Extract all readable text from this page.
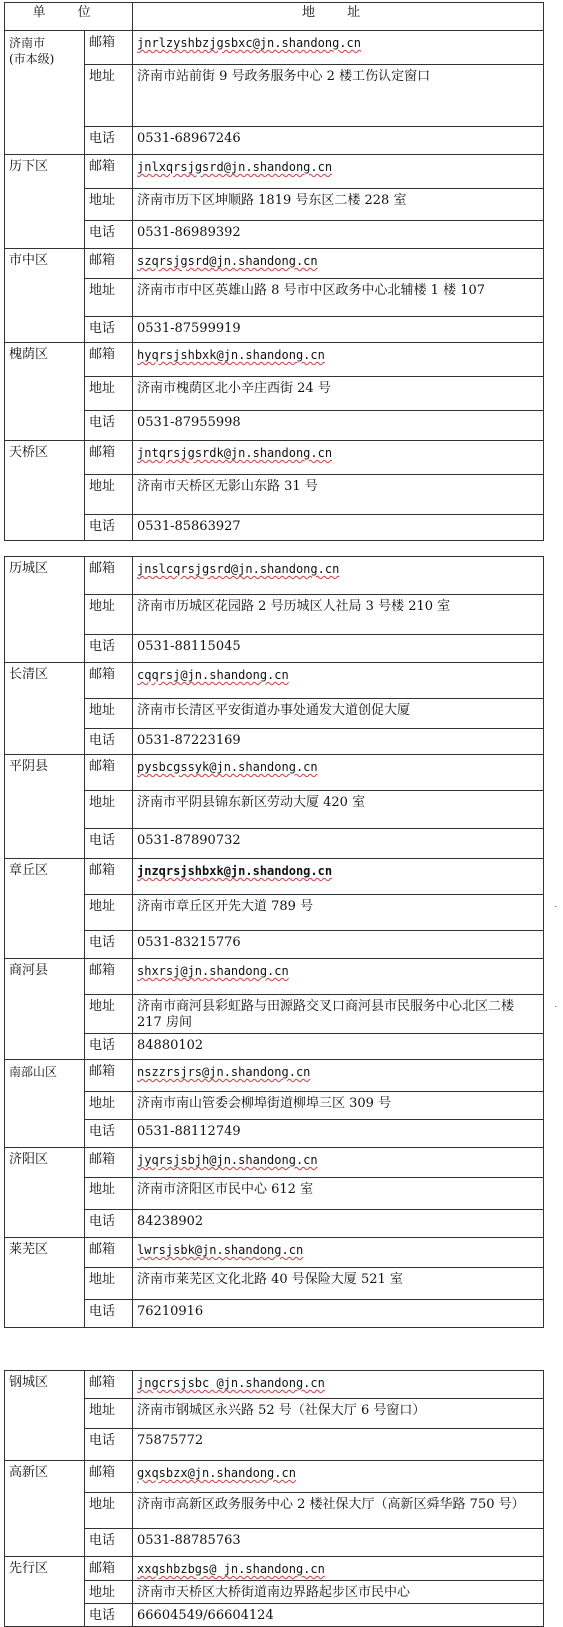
单 位		地 址
济南市
(市本级)	邮箱	jnrlzyshbzjgsbxc@jn.shandong.cn
	地址	济南市站前街 9 号政务服务中心 2 楼工伤认定窗口
	电话	0531-68967246
历下区	邮箱	jnlxqrsjgsrd@jn.shandong.cn
	地址	济南市历下区坤顺路 1819 号东区二楼 228 室
	电话	0531-86989392
市中区	邮箱	szqrsjgsrd@jn.shandong.cn
	地址	济南市市中区英雄山路 8 号市中区政务中心北辅楼 1 楼 107
	电话	0531-87599919
槐荫区	邮箱	hyqrsjshbxk@jn.shandong.cn
	地址	济南市槐荫区北小辛庄西街 24 号
	电话	0531-87955998
天桥区	邮箱	jntqrsjgsrdk@jn.shandong.cn
	地址	济南市天桥区无影山东路 31 号
	电话	0531-85863927
历城区	邮箱	jnslcqrsjgsrd@jn.shandong.cn
	地址	济南市历城区花园路 2 号历城区人社局 3 号楼 210 室
	电话	0531-88115045
长清区	邮箱	cqqrsj@jn.shandong.cn
	地址	济南市长清区平安街道办事处通发大道创促大厦
	电话	0531-87223169
平阴县	邮箱	pysbcgssyk@jn.shandong.cn
	地址	济南市平阴县锦东新区劳动大厦 420 室
	电话	0531-87890732
章丘区	邮箱	jnzqrsjshbxk@jn.shandong.cn
	地址	济南市章丘区开先大道 789 号
	电话	0531-83215776
商河县	邮箱	shxrsj@jn.shandong.cn
	地址	济南市商河县彩虹路与田源路交叉口商河县市民服务中心北区二楼 217 房间
	电话	84880102
南部山区	邮箱	nszzrsjrs@jn.shandong.cn
	地址	济南市南山管委会柳埠街道柳埠三区 309 号
	电话	0531-88112749
济阳区	邮箱	jyqrsjsbjh@jn.shandong.cn
	地址	济南市济阳区市民中心 612 室
	电话	84238902
莱芜区	邮箱	lwrsjsbk@jn.shandong.cn
	地址	济南市莱芜区文化北路 40 号保险大厦 521 室
	电话	76210916
钢城区	邮箱	jngcrsjsbc @jn.shandong.cn
	地址	济南市钢城区永兴路 52 号（社保大厅 6 号窗口）
	电话	75875772
高新区	邮箱	gxqsbzx@jn.shandong.cn
	地址	济南市高新区政务服务中心 2 楼社保大厅（高新区舜华路 750 号）
	电话	0531-88785763
先行区	邮箱	xxqshbzbgs@ jn.shandong.cn
	地址	济南市天桥区大桥街道南边界路起步区市民中心
	电话	66604549/66604124
˙
˙
